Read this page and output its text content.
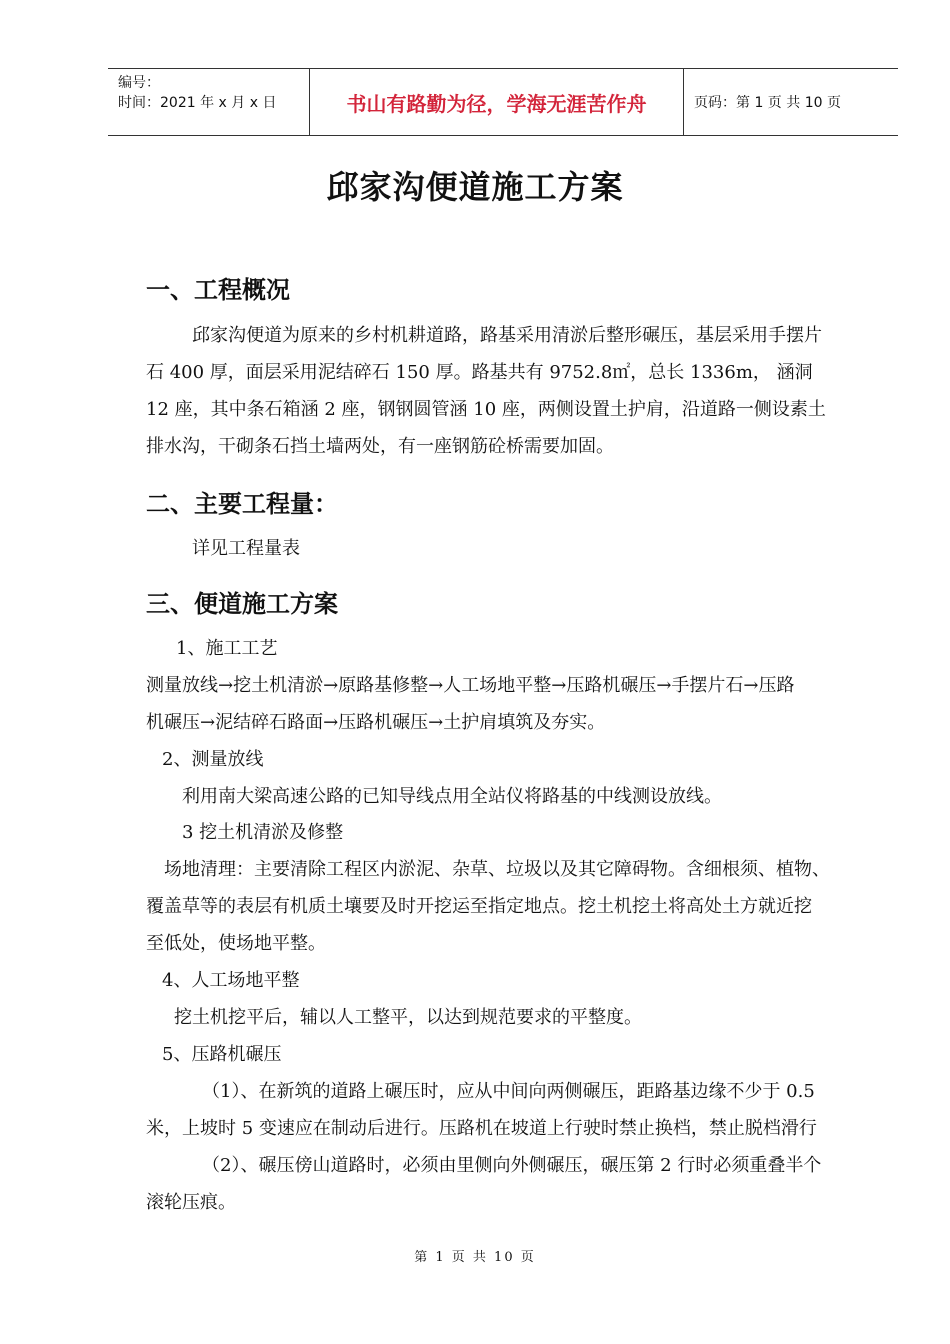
编号：
时间：2021 年 x 月 x 日	书山有路勤为径，学海无涯苦作舟	页码：第 1 页 共 10 页
邱家沟便道施工方案
一、工程概况
邱家沟便道为原来的乡村机耕道路，路基采用清淤后整形碾压，基层采用手摆片
石 400 厚，面层采用泥结碎石 150 厚。路基共有 9752.8㎡，总长 1336m， 涵洞
12 座，其中条石箱涵 2 座，钢钢圆管涵 10 座，两侧设置土护肩，沿道路一侧设素土
排水沟，干砌条石挡土墙两处，有一座钢筋砼桥需要加固。
二、主要工程量：
详见工程量表
三、便道施工方案
1、施工工艺
测量放线→挖土机清淤→原路基修整→人工场地平整→压路机碾压→手摆片石→压路
机碾压→泥结碎石路面→压路机碾压→土护肩填筑及夯实。
2、测量放线
利用南大梁高速公路的已知导线点用全站仪将路基的中线测设放线。
3 挖土机清淤及修整
场地清理：主要清除工程区内淤泥、杂草、垃圾以及其它障碍物。含细根须、植物、
覆盖草等的表层有机质土壤要及时开挖运至指定地点。挖土机挖土将高处土方就近挖
至低处，使场地平整。
4、人工场地平整
挖土机挖平后，辅以人工整平，以达到规范要求的平整度。
5、压路机碾压
（1）、在新筑的道路上碾压时，应从中间向两侧碾压，距路基边缘不少于 0.5
米，上坡时 5 变速应在制动后进行。压路机在坡道上行驶时禁止换档，禁止脱档滑行
（2）、碾压傍山道路时，必须由里侧向外侧碾压，碾压第 2 行时必须重叠半个
滚轮压痕。
第 1 页 共 10 页
